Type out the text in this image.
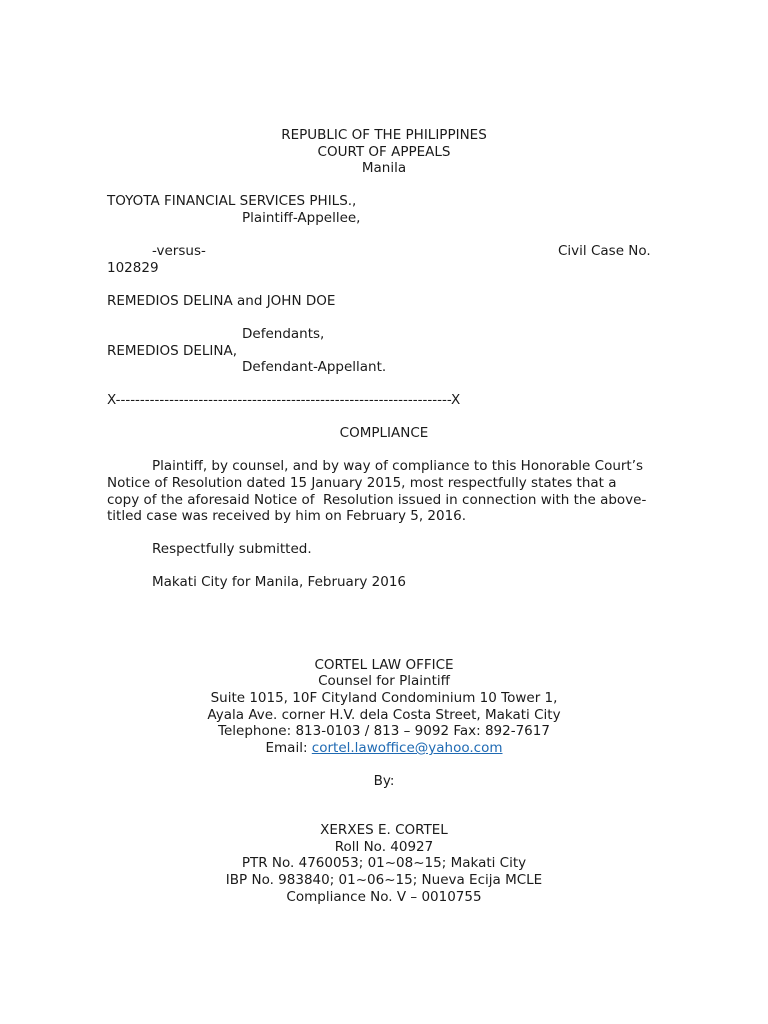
REPUBLIC OF THE PHILIPPINES
COURT OF APPEALS
Manila
TOYOTA FINANCIAL SERVICES PHILS.,
Plaintiff-Appellee,
-versus-	Civil Case No.
102829
REMEDIOS DELINA and JOHN DOE
Defendants,
REMEDIOS DELINA,
Defendant-Appellant.
X---------------------------------------------------------------------X
COMPLIANCE
Plaintiff, by counsel, and by way of compliance to this Honorable Court’s
Notice of Resolution dated 15 January 2015, most respectfully states that a
copy of the aforesaid Notice of  Resolution issued in connection with the above-
titled case was received by him on February 5, 2016.
Respectfully submitted.
Makati City for Manila, February 2016
CORTEL LAW OFFICE
Counsel for Plaintiff
Suite 1015, 10F Cityland Condominium 10 Tower 1,
Ayala Ave. corner H.V. dela Costa Street, Makati City
Telephone: 813-0103 / 813 – 9092 Fax: 892-7617
Email: cortel.lawoffice@yahoo.com
By:
XERXES E. CORTEL
Roll No. 40927
PTR No. 4760053; 01~08~15; Makati City
IBP No. 983840; 01~06~15; Nueva Ecija MCLE
Compliance No. V – 0010755
